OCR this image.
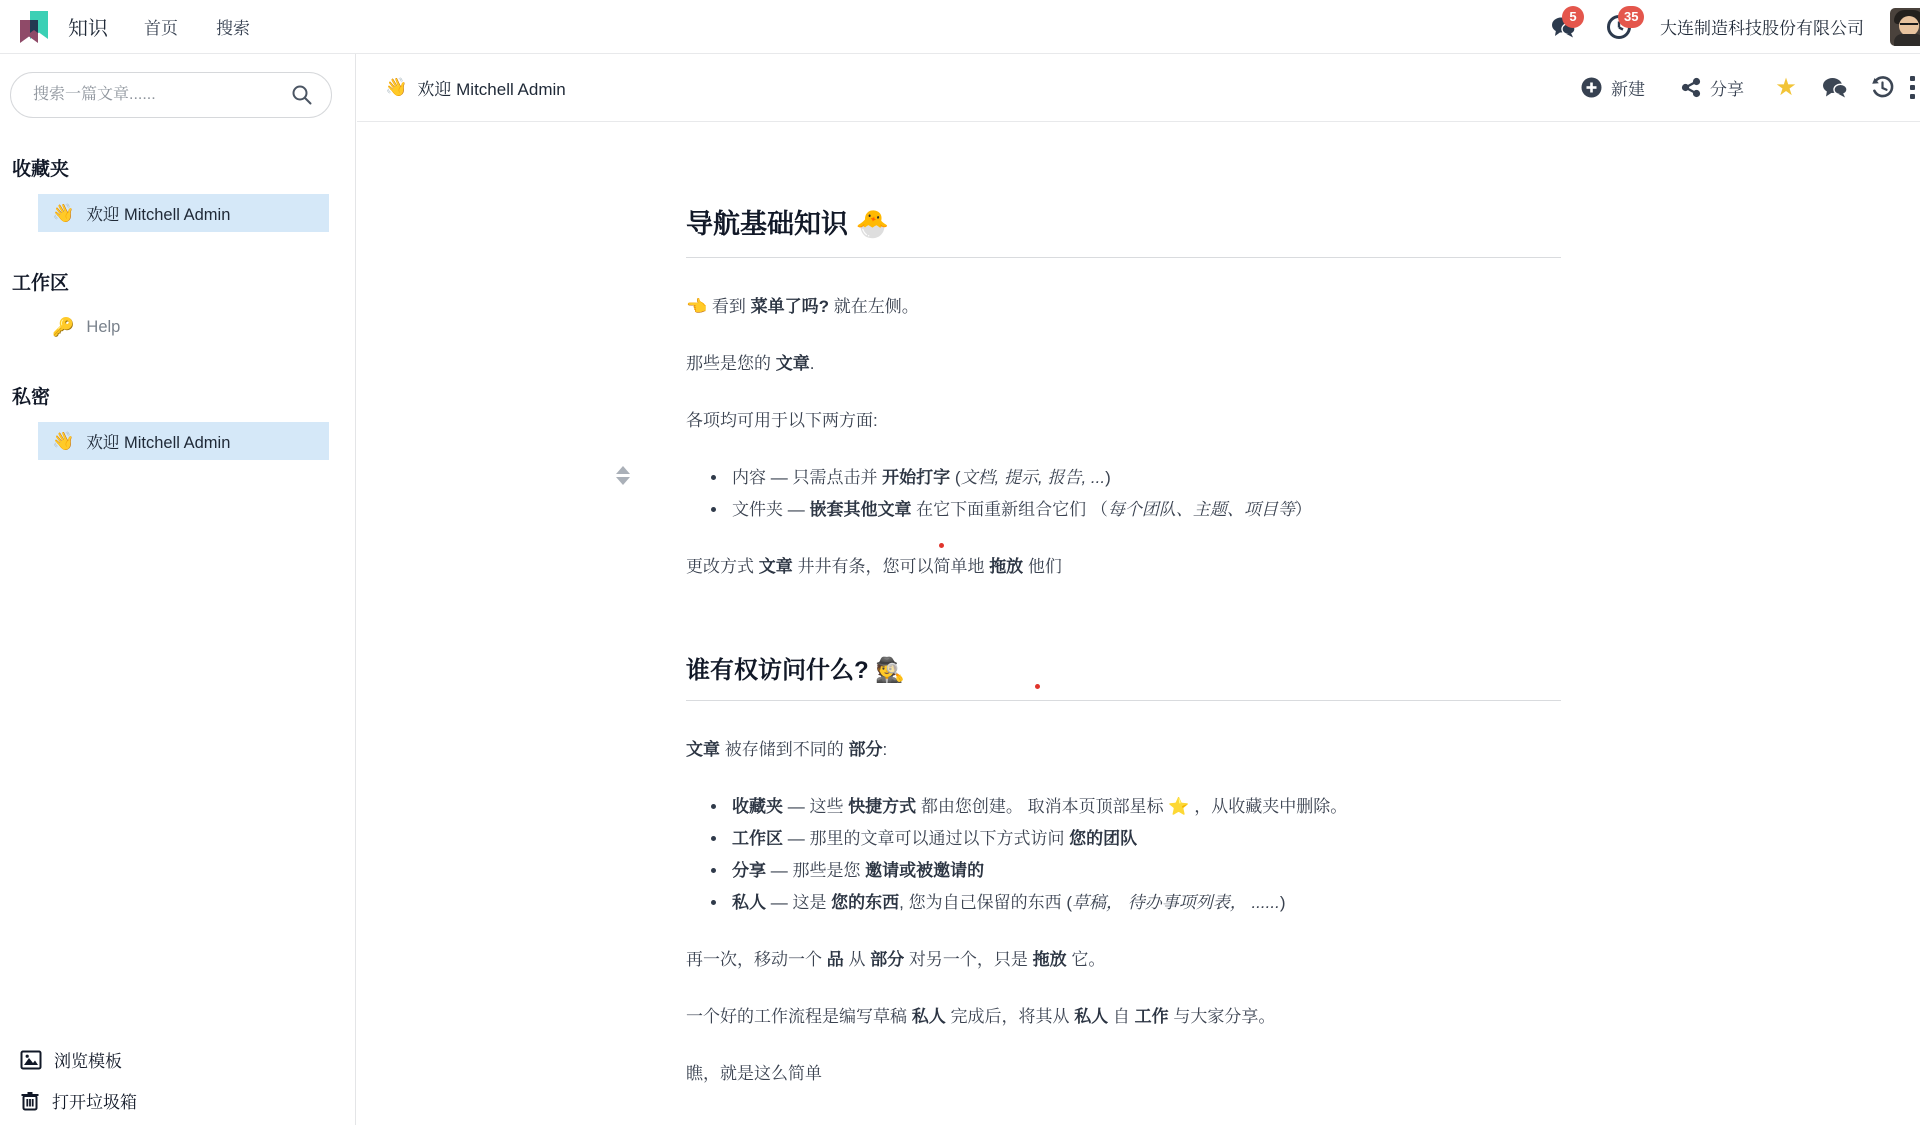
知识	首页	搜索
5	35
大连制造科技股份有限公司
搜索一篇文章......
收藏夹
👋 欢迎 Mitchell Admin
工作区
🔑 Help
私密
👋 欢迎 Mitchell Admin
浏览模板
打开垃圾箱
👋 欢迎 Mitchell Admin	新建	分享 ★
导航基础知识 🐣

👈 看到 菜单了吗? 就在左侧。

那些是您的 文章.

各项均可用于以下两方面:

• 内容 — 只需点击并 开始打字 (文档, 提示, 报告, ...)
• 文件夹 — 嵌套其他文章 在它下面重新组合它们 （每个团队、主题、项目等）

更改方式 文章 井井有条，您可以简单地 拖放 他们

谁有权访问什么? 🕵️

文章 被存储到不同的 部分:

• 收藏夹 — 这些 快捷方式 都由您创建。 取消本页顶部星标 ⭐ ，从收藏夹中删除。
• 工作区 — 那里的文章可以通过以下方式访问 您的团队
• 分享 — 那些是您 邀请或被邀请的
• 私人 — 这是 您的东西, 您为自己保留的东西 (草稿， 待办事项列表， ......)

再一次，移动一个 品 从 部分 对另一个，只是 拖放 它。

一个好的工作流程是编写草稿 私人 完成后，将其从 私人 自 工作 与大家分享。

瞧，就是这么简单
